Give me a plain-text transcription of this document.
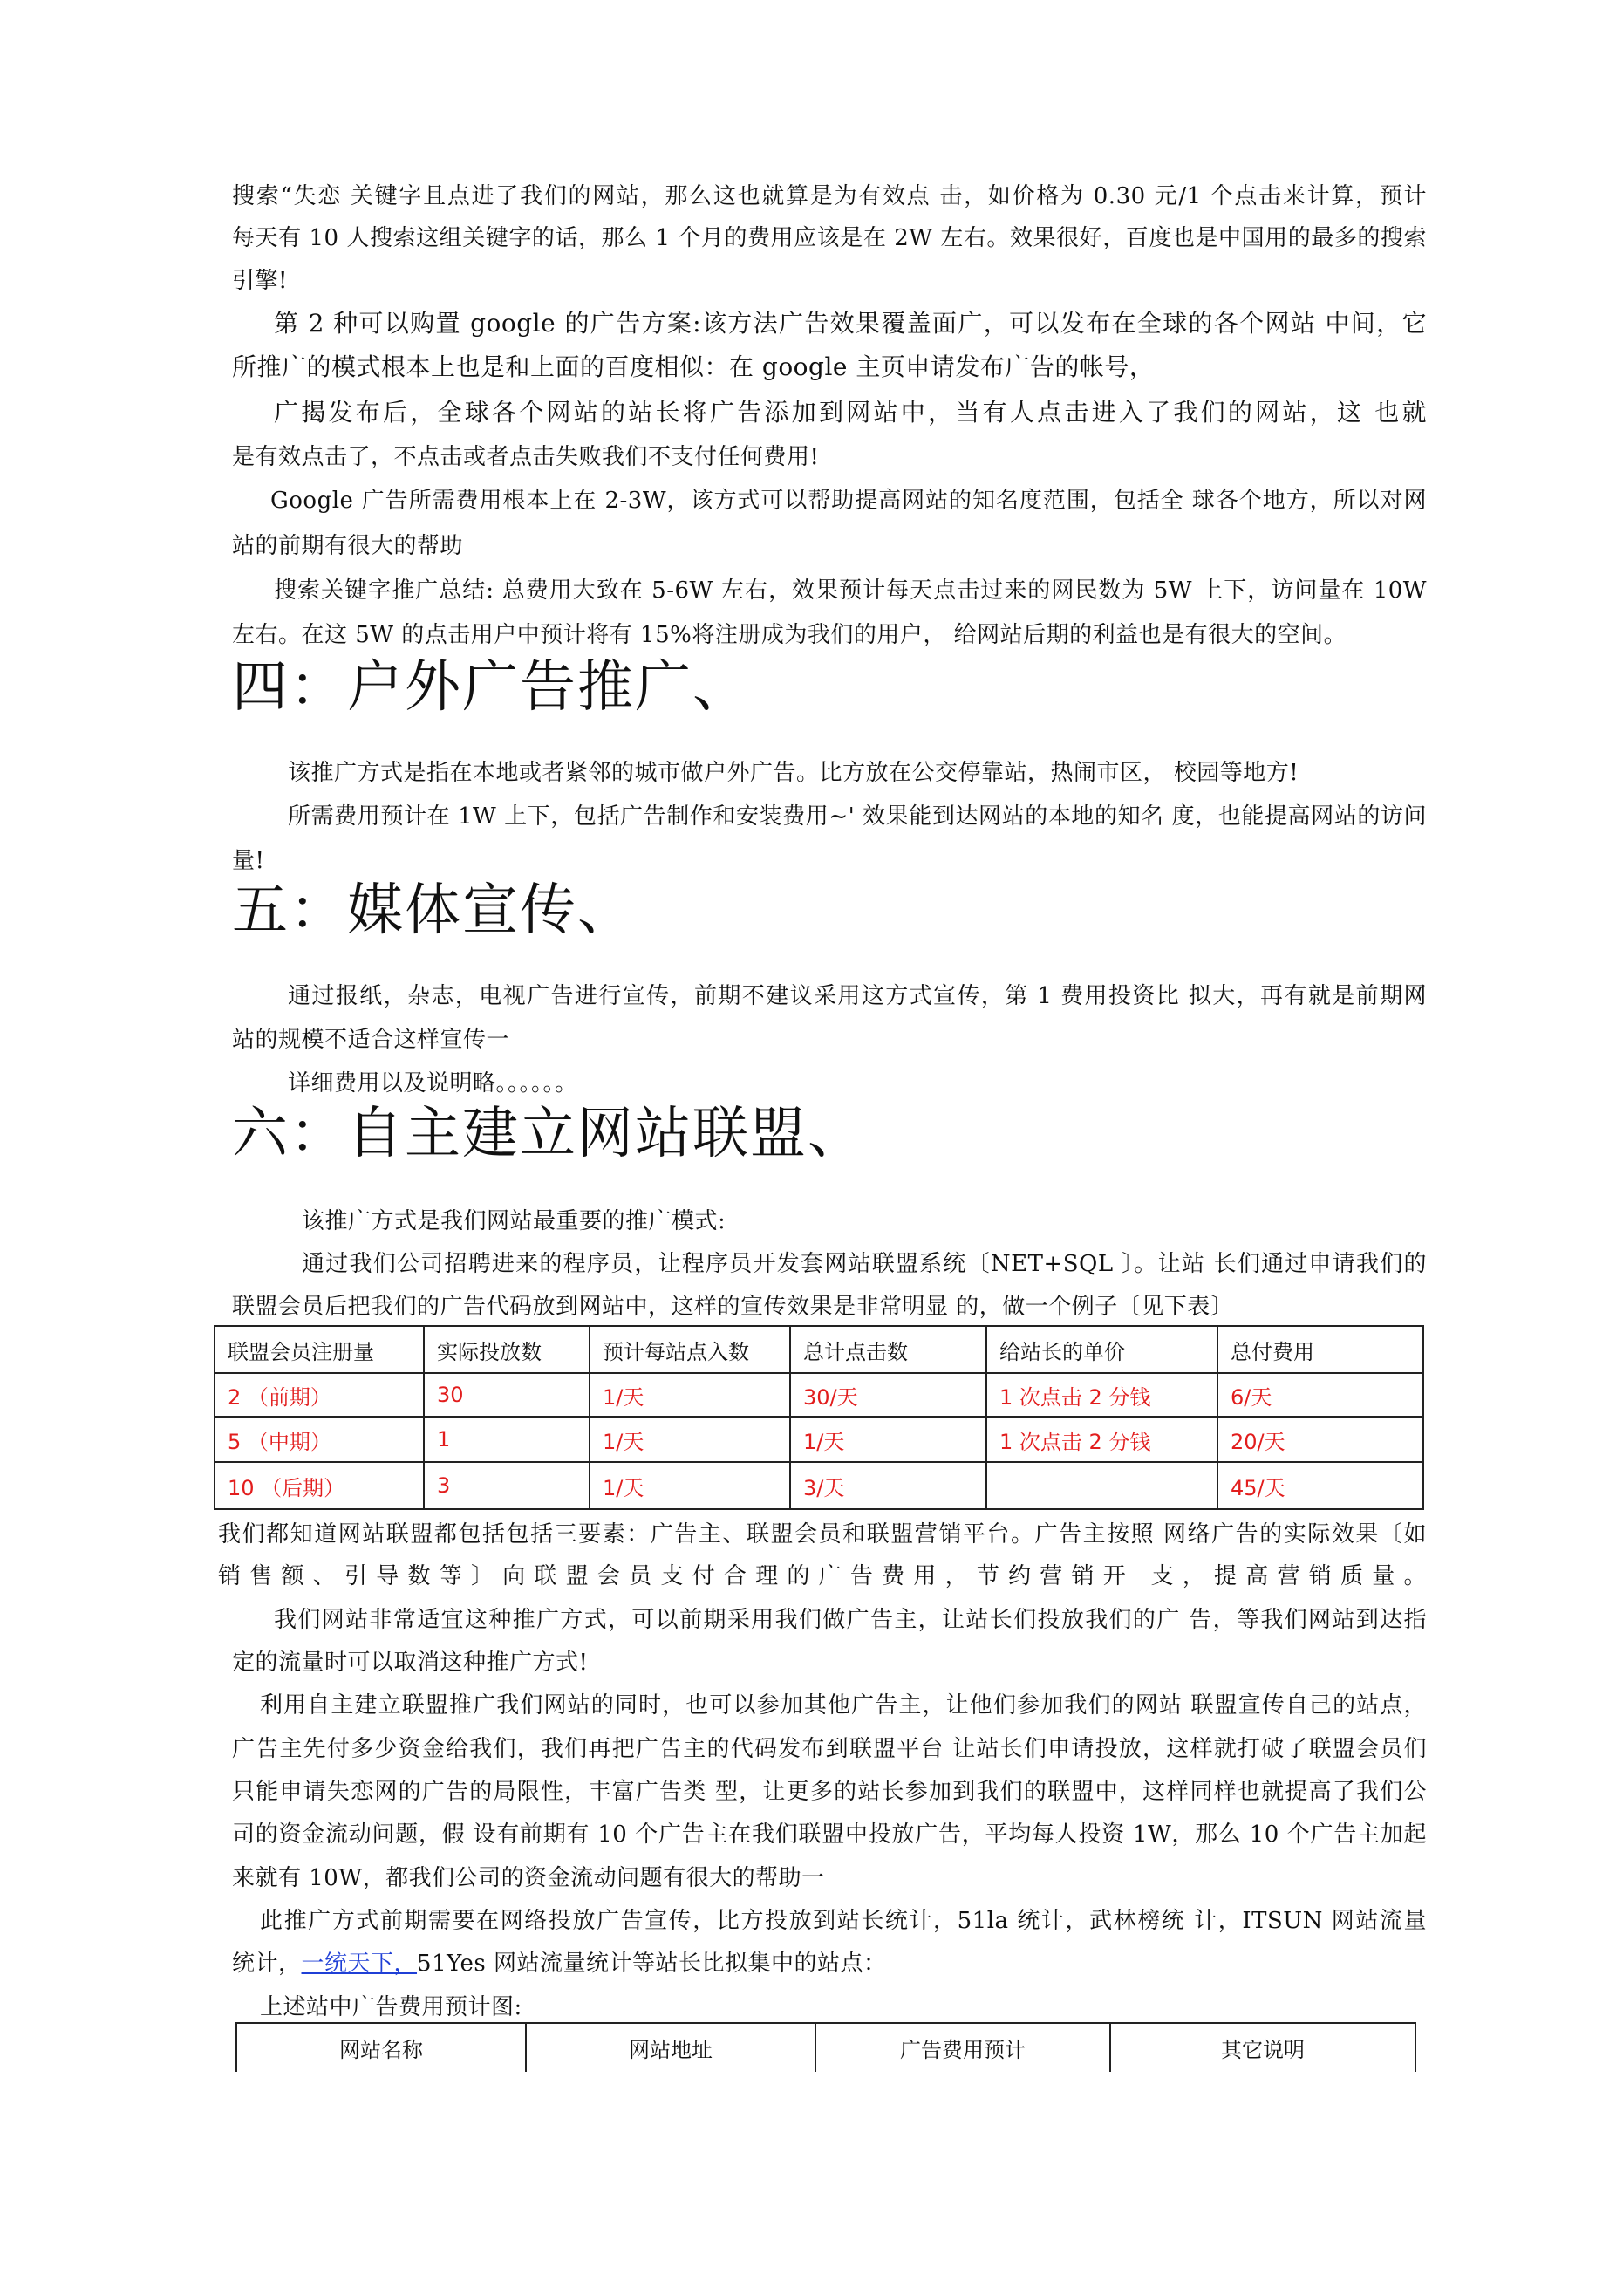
搜索“失恋 关键字且点进了我们的网站，那么这也就算是为有效点 击，如价格为 0.30 元/1 个点击来计算，预计
每天有 10 人搜索这组关键字的话，那么 1 个月的费用应该是在 2W 左右。效果很好，百度也是中国用的最多的搜索
引擎!
第 2 种可以购置 google 的广告方案:该方法广告效果覆盖面广，可以发布在全球的各个网站 中间，它
所推广的模式根本上也是和上面的百度相似：在 google 主页申请发布广告的帐号，
广揭发布后，全球各个网站的站长将广告添加到网站中，当有人点击进入了我们的网站，这 也就
是有效点击了，不点击或者点击失败我们不支付任何费用!
Google 广告所需费用根本上在 2-3W，该方式可以帮助提高网站的知名度范围，包括全 球各个地方，所以对网
站的前期有很大的帮助
搜索关键字推广总结: 总费用大致在 5-6W 左右，效果预计每天点击过来的网民数为 5W 上下，访问量在 10W
左右。在这 5W 的点击用户中预计将有 15%将注册成为我们的用户， 给网站后期的利益也是有很大的空间。
四：户外广告推广、
该推广方式是指在本地或者紧邻的城市做户外广告。比方放在公交停靠站，热闹市区， 校园等地方!
所需费用预计在 1W 上下，包括广告制作和安装费用~' 效果能到达网站的本地的知名 度，也能提高网站的访问
量!
五：媒体宣传、
通过报纸，杂志，电视广告进行宣传，前期不建议采用这方式宣传，第 1 费用投资比 拟大，再有就是前期网
站的规模不适合这样宣传一
详细费用以及说明略。。。。。。
六：自主建立网站联盟、
该推广方式是我们网站最重要的推广模式:
通过我们公司招聘进来的程序员，让程序员开发套网站联盟系统〔NET+SQL 〕。让站 长们通过申请我们的
联盟会员后把我们的广告代码放到网站中，这样的宣传效果是非常明显 的，做一个例子〔见下表〕
联盟会员注册量	实际投放数	预计每站点入数	总计点击数	给站长的单价	总付费用
2 （前期）	30	1/天	30/天	1 次点击 2 分钱	6/天
5 （中期）	1	1/天	1/天	1 次点击 2 分钱	20/天
10 （后期）	3	1/天	3/天		45/天
我们都知道网站联盟都包括包括三要素：广告主、联盟会员和联盟营销平台。广告主按照 网络广告的实际效果〔如
销售额、引导数等〕向联盟会员支付合理的广告费用，节约营销开 支，提高营销质量。
我们网站非常适宜这种推广方式，可以前期采用我们做广告主，让站长们投放我们的广 告，等我们网站到达指
定的流量时可以取消这种推广方式!
利用自主建立联盟推广我们网站的同时，也可以参加其他广告主，让他们参加我们的网站 联盟宣传自己的站点，
广告主先付多少资金给我们，我们再把广告主的代码发布到联盟平台 让站长们申请投放，这样就打破了联盟会员们
只能申请失恋网的广告的局限性，丰富广告类 型，让更多的站长参加到我们的联盟中，这样同样也就提高了我们公
司的资金流动问题，假 设有前期有 10 个广告主在我们联盟中投放广告，平均每人投资 1W，那么 10 个广告主加起
来就有 10W，都我们公司的资金流动问题有很大的帮助一
此推广方式前期需要在网络投放广告宣传，比方投放到站长统计，51la 统计，武林榜统 计，ITSUN 网站流量
统计，一统天下，51Yes 网站流量统计等站长比拟集中的站点：
上述站中广告费用预计图:
网站名称	网站地址	广告费用预计	其它说明
